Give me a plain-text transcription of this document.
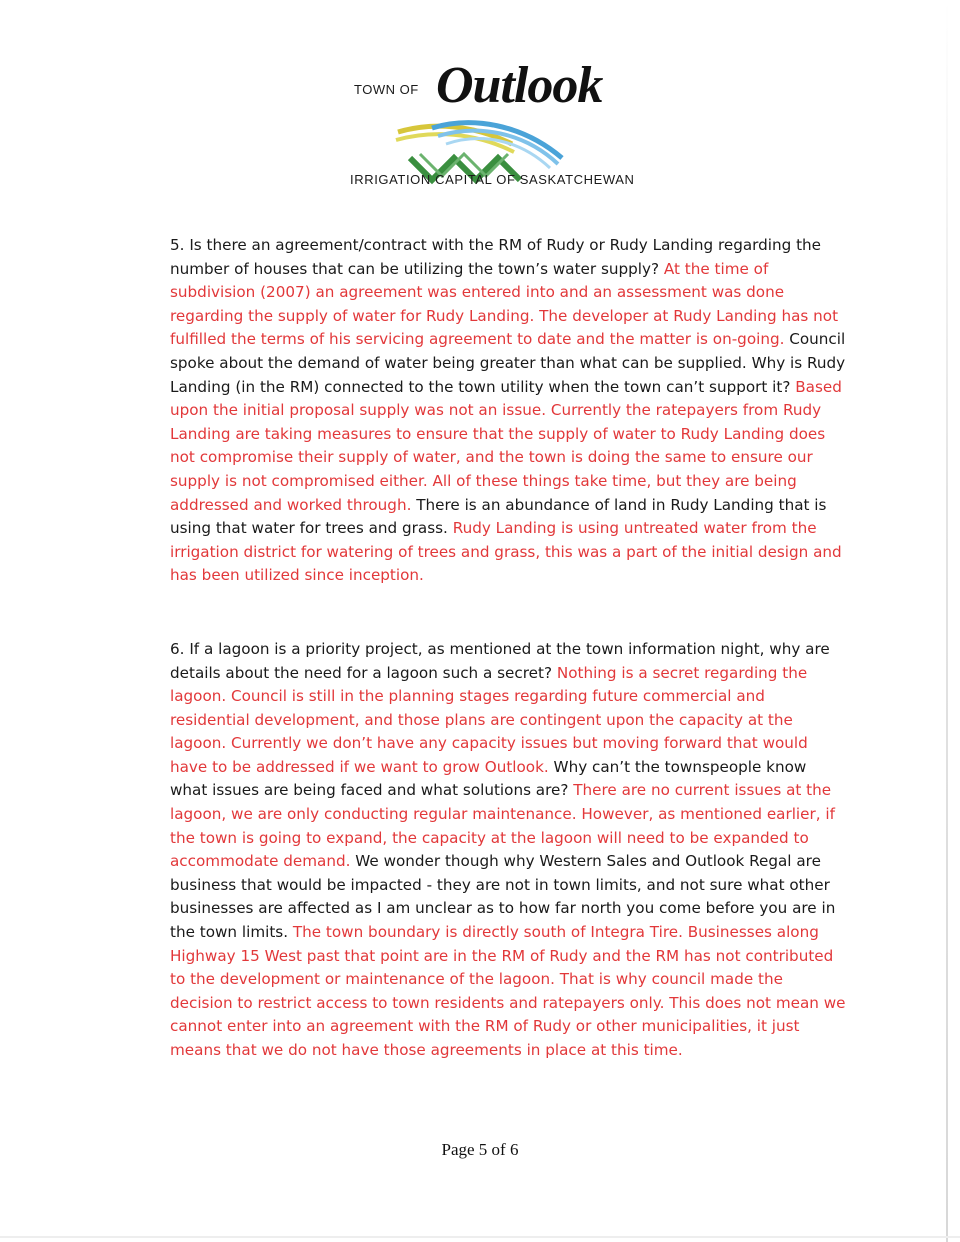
TOWN OF Outlook
IRRIGATION CAPITAL OF SASKATCHEWAN

5. Is there an agreement/contract with the RM of Rudy or Rudy Landing regarding the number of houses that can be utilizing the town’s water supply? At the time of subdivision (2007) an agreement was entered into and an assessment was done regarding the supply of water for Rudy Landing. The developer at Rudy Landing has not fulfilled the terms of his servicing agreement to date and the matter is on-going. Council spoke about the demand of water being greater than what can be supplied. Why is Rudy Landing (in the RM) connected to the town utility when the town can’t support it? Based upon the initial proposal supply was not an issue. Currently the ratepayers from Rudy Landing are taking measures to ensure that the supply of water to Rudy Landing does not compromise their supply of water, and the town is doing the same to ensure our supply is not compromised either. All of these things take time, but they are being addressed and worked through. There is an abundance of land in Rudy Landing that is using that water for trees and grass. Rudy Landing is using untreated water from the irrigation district for watering of trees and grass, this was a part of the initial design and has been utilized since inception.

6. If a lagoon is a priority project, as mentioned at the town information night, why are details about the need for a lagoon such a secret? Nothing is a secret regarding the lagoon. Council is still in the planning stages regarding future commercial and residential development, and those plans are contingent upon the capacity at the lagoon. Currently we don’t have any capacity issues but moving forward that would have to be addressed if we want to grow Outlook. Why can’t the townspeople know what issues are being faced and what solutions are? There are no current issues at the lagoon, we are only conducting regular maintenance. However, as mentioned earlier, if the town is going to expand, the capacity at the lagoon will need to be expanded to accommodate demand. We wonder though why Western Sales and Outlook Regal are business that would be impacted - they are not in town limits, and not sure what other businesses are affected as I am unclear as to how far north you come before you are in the town limits. The town boundary is directly south of Integra Tire. Businesses along Highway 15 West past that point are in the RM of Rudy and the RM has not contributed to the development or maintenance of the lagoon. That is why council made the decision to restrict access to town residents and ratepayers only. This does not mean we cannot enter into an agreement with the RM of Rudy or other municipalities, it just means that we do not have those agreements in place at this time.

Page 5 of 6
